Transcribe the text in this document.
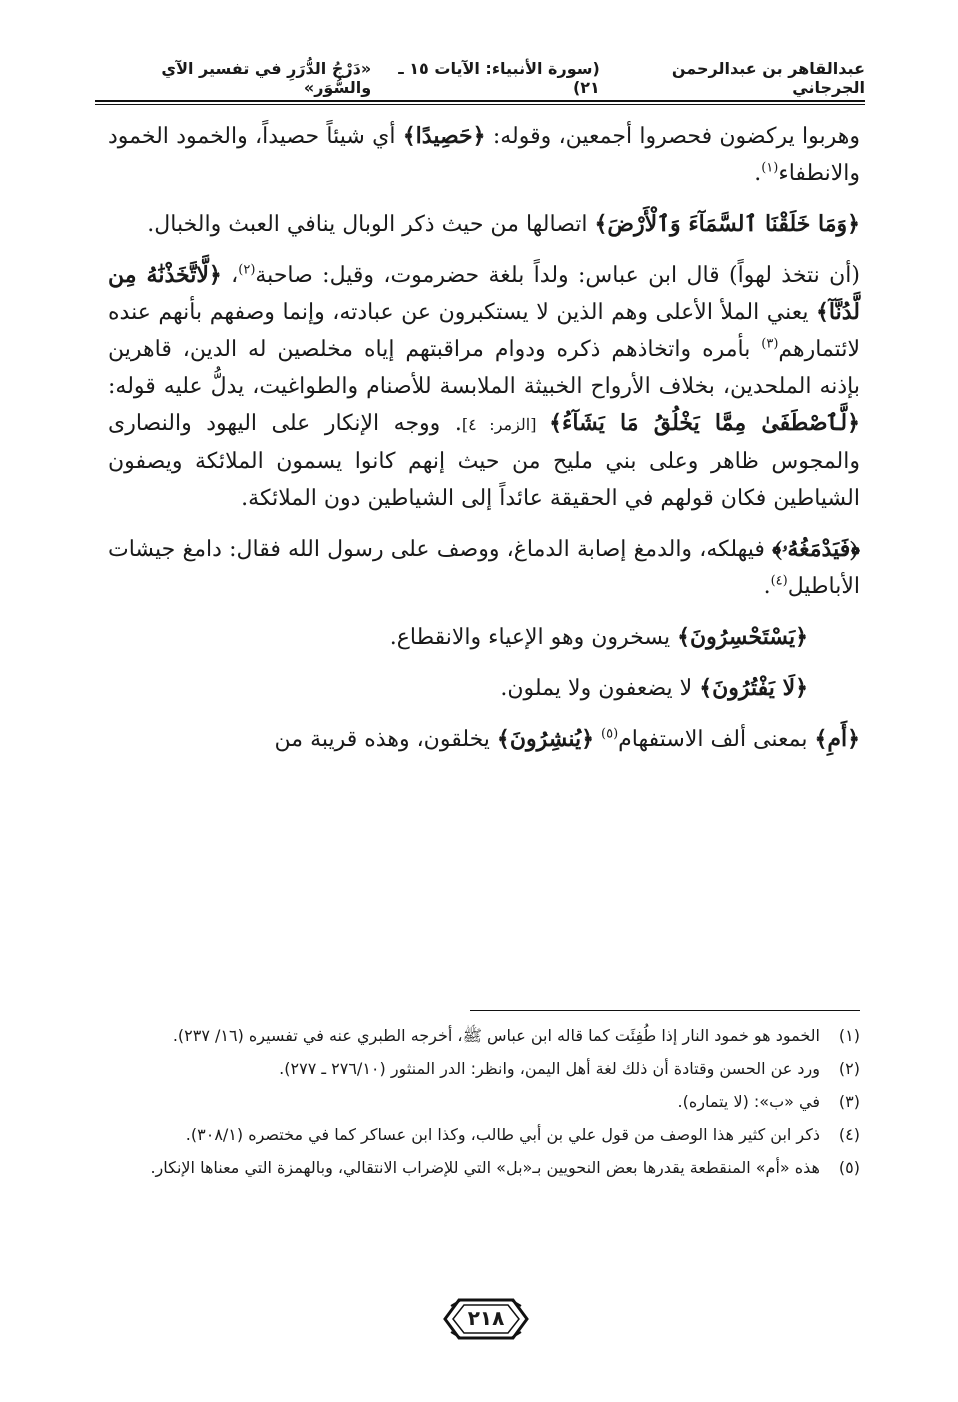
عبدالقاهر بن عبدالرحمن الجرجاني
(سورة الأنبياء: الآيات ١٥ ـ ٢١)
«دَرْجُ الدُّرَرِ في تفسير الآي والسُّوَر»

وهربوا يركضون فحصروا أجمعين، وقوله: ﴿حَصِيدًا﴾ أي شيئاً حصيداً، والخمود الخمود والانطفاء$^{(١)}$.

﴿وَمَا خَلَقْنَا ٱلسَّمَآءَ وَٱلْأَرْضَ﴾ اتصالها من حيث ذكر الوبال ينافي العبث والخبال.

(أن نتخذ لهواً) قال ابن عباس: ولداً بلغة حضرموت، وقيل: صاحبة$^{(٢)}$، ﴿لَّاتَّخَذْنَٰهُ مِن لَّدُنَّآ﴾ يعني الملأ الأعلى وهم الذين لا يستكبرون عن عبادته، وإنما وصفهم بأنهم عنده لائتمارهم$^{(٣)}$ بأمره واتخاذهم ذكره ودوام مراقبتهم إياه مخلصين له الدين، قاهرين بإذنه الملحدين، بخلاف الأرواح الخبيثة الملابسة للأصنام والطواغيت، يدلُّ عليه قوله: ﴿لَّٱصْطَفَىٰ مِمَّا يَخْلُقُ مَا يَشَآءُ﴾ [الزمر: ٤]. ووجه الإنكار على اليهود والنصارى والمجوس ظاهر وعلى بني مليح من حيث إنهم كانوا يسمون الملائكة ويصفون الشياطين فكان قولهم في الحقيقة عائداً إلى الشياطين دون الملائكة.

﴿فَيَدْمَغُهُۥ﴾ فيهلكه، والدمغ إصابة الدماغ، ووصف على رسول الله فقال: دامغ جيشات الأباطيل$^{(٤)}$.

﴿يَسْتَحْسِرُونَ﴾ يسخرون وهو الإعياء والانقطاع.

﴿لَا يَفْتُرُونَ﴾ لا يضعفون ولا يملون.

﴿أَمِ﴾ بمعنى ألف الاستفهام$^{(٥)}$ ﴿يُنشِرُونَ﴾ يخلقون، وهذه قريبة من

(١)
الخمود هو خمود النار إذا طُفِئَت كما قاله ابن عباس ﷺ، أخرجه الطبري عنه في تفسيره (١٦/ ٢٣٧).
(٢)
ورد عن الحسن وقتادة أن ذلك لغة أهل اليمن، وانظر: الدر المنثور (٢٧٦/١٠ ـ ٢٧٧).
(٣)
في «ب»: (لا يتماره).
(٤)
ذكر ابن كثير هذا الوصف من قول علي بن أبي طالب، وكذا ابن عساكر كما في مختصره (٣٠٨/١).
(٥)
هذه «أم» المنقطعة يقدرها بعض النحويين بـ«بل» التي للإضراب الانتقالي، وبالهمزة التي معناها الإنكار.
٢١٨
